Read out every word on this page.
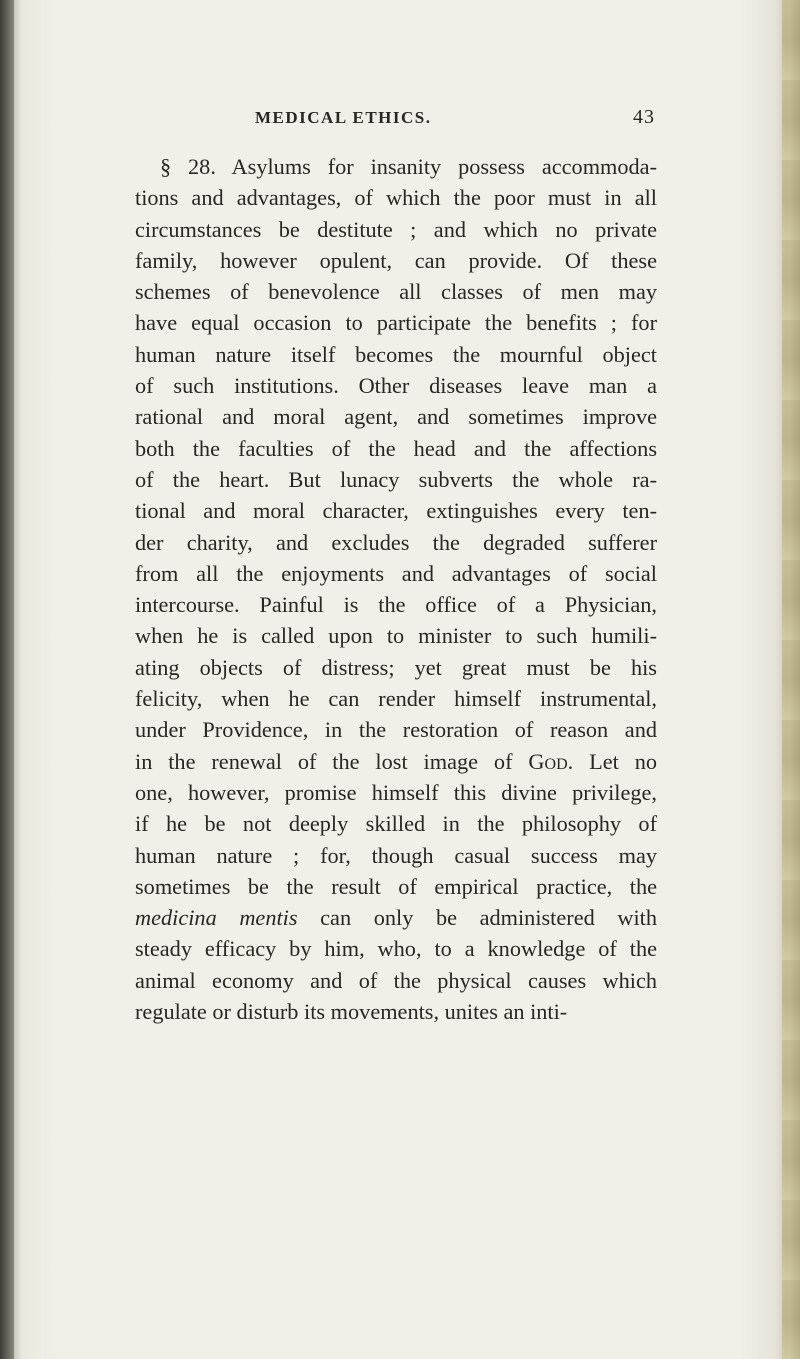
MEDICAL ETHICS.	43
§ 28. Asylums for insanity possess accommoda-
tions and advantages, of which the poor must in all
circumstances be destitute ; and which no private
family, however opulent, can provide. Of these
schemes of benevolence all classes of men may
have equal occasion to participate the benefits ; for
human nature itself becomes the mournful object
of such institutions. Other diseases leave man a
rational and moral agent, and sometimes improve
both the faculties of the head and the affections
of the heart. But lunacy subverts the whole ra-
tional and moral character, extinguishes every ten-
der charity, and excludes the degraded sufferer
from all the enjoyments and advantages of social
intercourse. Painful is the office of a Physician,
when he is called upon to minister to such humili-
ating objects of distress; yet great must be his
felicity, when he can render himself instrumental,
under Providence, in the restoration of reason and
in the renewal of the lost image of God. Let no
one, however, promise himself this divine privilege,
if he be not deeply skilled in the philosophy of
human nature ; for, though casual success may
sometimes be the result of empirical practice, the
medicina mentis can only be administered with
steady efficacy by him, who, to a knowledge of the
animal economy and of the physical causes which
regulate or disturb its movements, unites an inti-
